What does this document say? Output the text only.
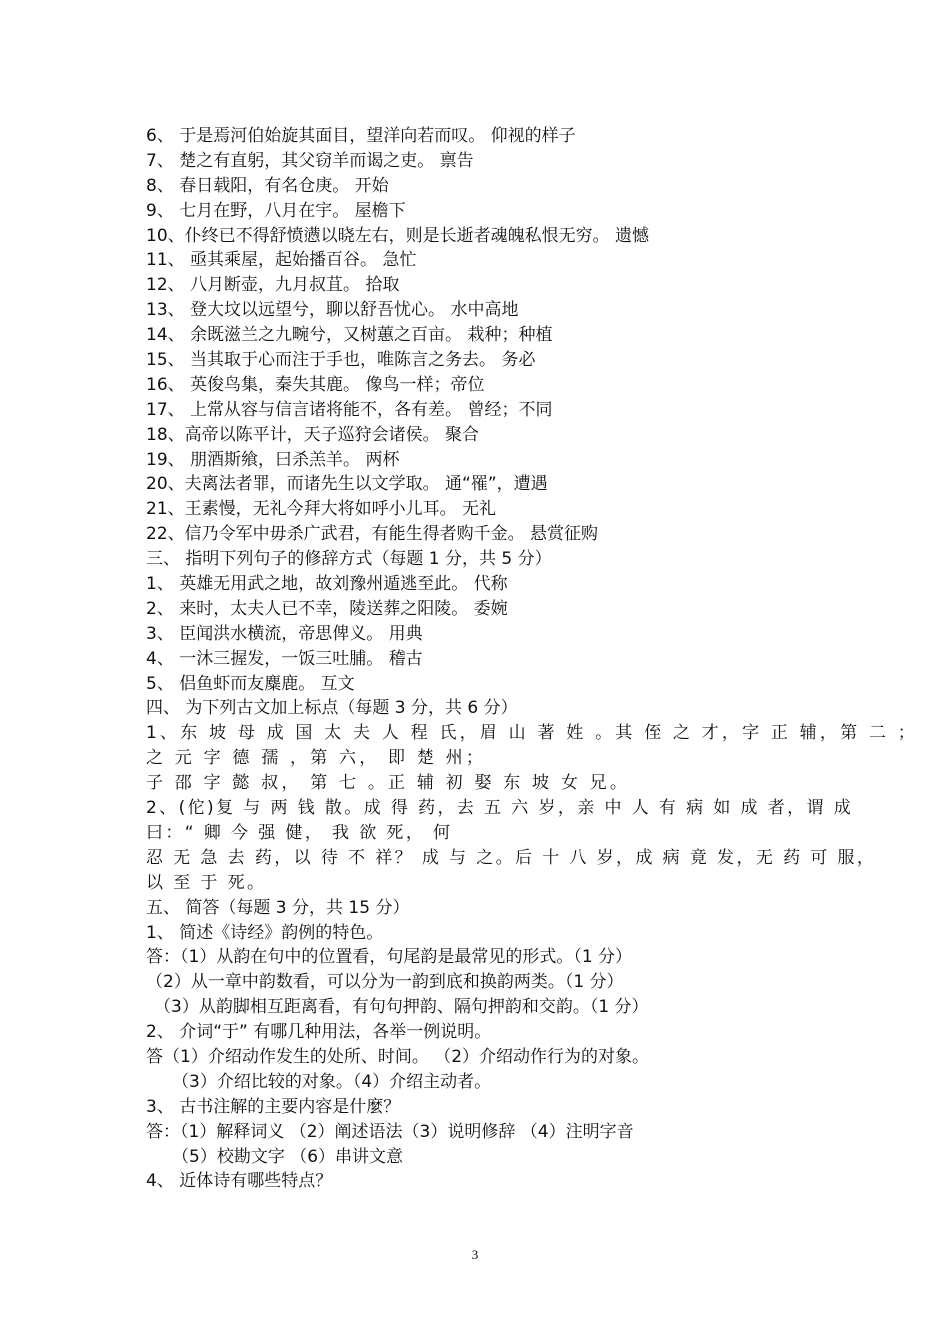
6、 于是焉河伯始旋其面目，望洋向若而叹。 仰视的样子
7、 楚之有直躬，其父窃羊而谒之吏。 禀告
8、 春日载阳，有名仓庚。 开始
9、 七月在野，八月在宇。 屋檐下
10、仆终已不得舒愤懑以晓左右，则是长逝者魂魄私恨无穷。 遗憾
11、 亟其乘屋，起始播百谷。 急忙
12、 八月断壶，九月叔苴。 拾取
13、 登大坟以远望兮，聊以舒吾忧心。 水中高地
14、 余既滋兰之九畹兮，又树蕙之百亩。 栽种；种植
15、 当其取于心而注于手也，唯陈言之务去。 务必
16、 英俊鸟集，秦失其鹿。 像鸟一样；帝位
17、 上常从容与信言诸将能不，各有差。 曾经；不同
18、高帝以陈平计，天子巡狩会诸侯。 聚合
19、 朋酒斯飨，曰杀羔羊。 两杯
20、夫离法者罪，而诸先生以文学取。 通“罹”，遭遇
21、王素慢，无礼今拜大将如呼小儿耳。 无礼
22、信乃令军中毋杀广武君，有能生得者购千金。 悬赏征购
三、 指明下列句子的修辞方式（每题 1 分，共 5 分）
1、 英雄无用武之地，故刘豫州遁逃至此。 代称
2、 来时，太夫人已不幸，陵送葬之阳陵。 委婉
3、 臣闻洪水横流，帝思俾义。 用典
4、 一沐三握发，一饭三吐脯。 稽古
5、 侣鱼虾而友麋鹿。 互文
四、 为下列古文加上标点（每题 3 分，共 6 分）
1、东 坡 母 成 国 太 夫 人 程 氏，眉 山 著 姓 。其 侄 之 才，字 正 辅，第 二 ；
之 元 字 德 孺 ，第 六， 即 楚 州；
子 邵 字 懿 叔， 第 七 。正 辅 初 娶 东 坡 女 兄。
2、(佗)复 与 两 钱 散。成 得 药，去 五 六 岁，亲 中 人 有 病 如 成 者，谓 成
曰：“ 卿 今 强 健， 我 欲 死， 何
忍 无 急 去 药，以 待 不 祥？ 成 与 之。后 十 八 岁，成 病 竟 发，无 药 可 服，
以 至 于 死。
五、 简答（每题 3 分，共 15 分）
1、 简述《诗经》韵例的特色。
答：（1）从韵在句中的位置看，句尾韵是最常见的形式。（1 分）
（2）从一章中韵数看，可以分为一韵到底和换韵两类。（1 分）
（3）从韵脚相互距离看，有句句押韵、隔句押韵和交韵。（1 分）
2、 介词“于” 有哪几种用法，各举一例说明。
答（1）介绍动作发生的处所、时间。 （2）介绍动作行为的对象。
（3）介绍比较的对象。（4）介绍主动者。
3、 古书注解的主要内容是什麼？
答：（1）解释词义 （2）阐述语法（3）说明修辞 （4）注明字音
（5）校勘文字 （6）串讲文意
4、 近体诗有哪些特点？
3
